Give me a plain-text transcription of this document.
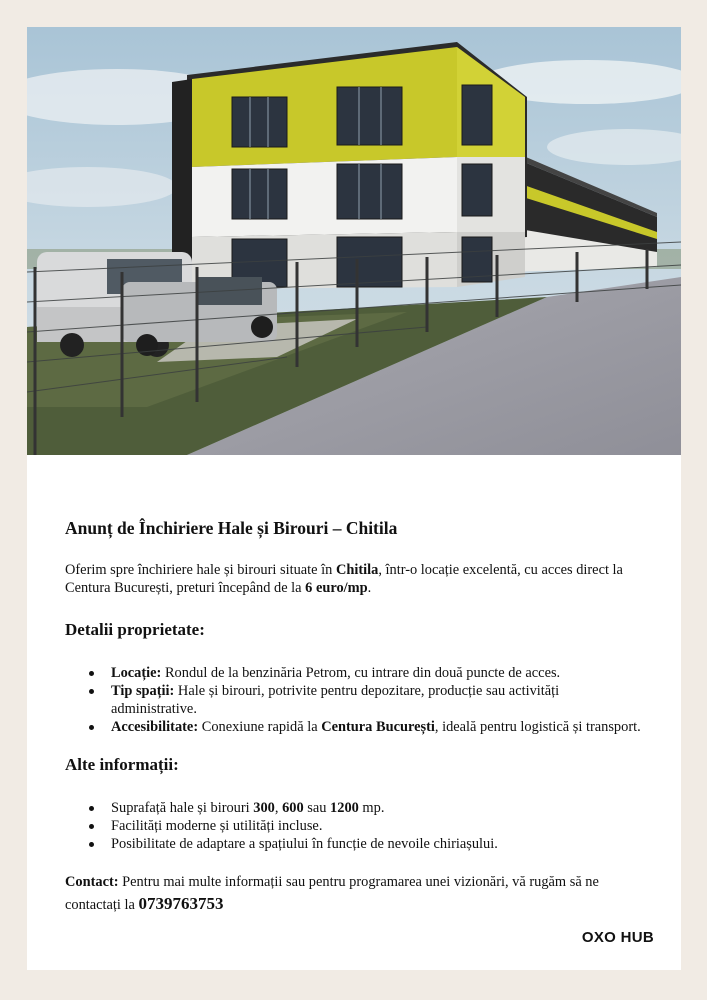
Anunț de Închiriere Hale și Birouri – Chitila

Oferim spre închiriere hale și birouri situate în Chitila, într-o locație excelentă, cu acces direct la Centura București, preturi începând de la 6 euro/mp.

Detalii proprietate:
Locație: Rondul de la benzinăria Petrom, cu intrare din două puncte de acces.
Tip spații: Hale și birouri, potrivite pentru depozitare, producție sau activități administrative.
Accesibilitate: Conexiune rapidă la Centura București, ideală pentru logistică și transport.
Alte informații:
Suprafață hale și birouri 300, 600 sau 1200 mp.
Facilități moderne și utilități incluse.
Posibilitate de adaptare a spațiului în funcție de nevoile chiriașului.

Contact: Pentru mai multe informații sau pentru programarea unei vizionări, vă rugăm să ne contactați la 0739763753

OXO HUB
